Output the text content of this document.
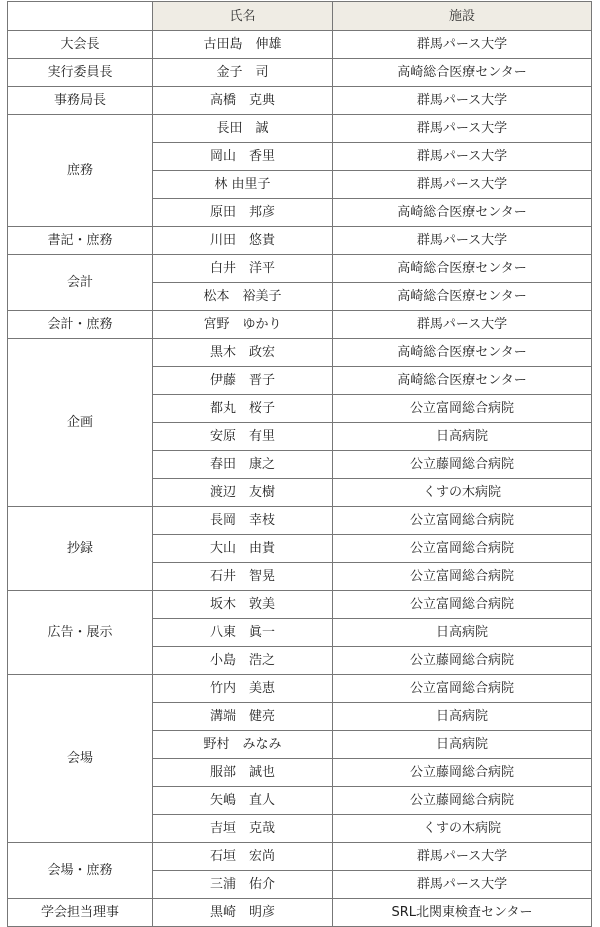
	氏名	施設
大会長	古田島　伸雄	群馬パース大学
実行委員長	金子　司	高崎総合医療センター
事務局長	高橋　克典	群馬パース大学
庶務	長田　誠	群馬パース大学
	岡山　香里	群馬パース大学
	林 由里子	群馬パース大学
	原田　邦彦	高崎総合医療センター
書記・庶務	川田　悠貴	群馬パース大学
会計	白井　洋平	高崎総合医療センター
	松本　裕美子	高崎総合医療センター
会計・庶務	宮野　ゆかり	群馬パース大学
企画	黒木　政宏	高崎総合医療センター
	伊藤　晋子	高崎総合医療センター
	都丸　桜子	公立富岡総合病院
	安原　有里	日高病院
	春田　康之	公立藤岡総合病院
	渡辺　友樹	くすの木病院
抄録	長岡　幸枝	公立富岡総合病院
	大山　由貴	公立富岡総合病院
	石井　智晃	公立富岡総合病院
広告・展示	坂木　敦美	公立富岡総合病院
	八東　眞一	日高病院
	小島　浩之	公立藤岡総合病院
会場	竹内　美恵	公立富岡総合病院
	溝端　健亮	日高病院
	野村　みなみ	日高病院
	服部　誠也	公立藤岡総合病院
	矢嶋　直人	公立藤岡総合病院
	吉垣　克哉	くすの木病院
会場・庶務	石垣　宏尚	群馬パース大学
	三浦　佑介	群馬パース大学
学会担当理事	黒崎　明彦	SRL北関東検査センター
